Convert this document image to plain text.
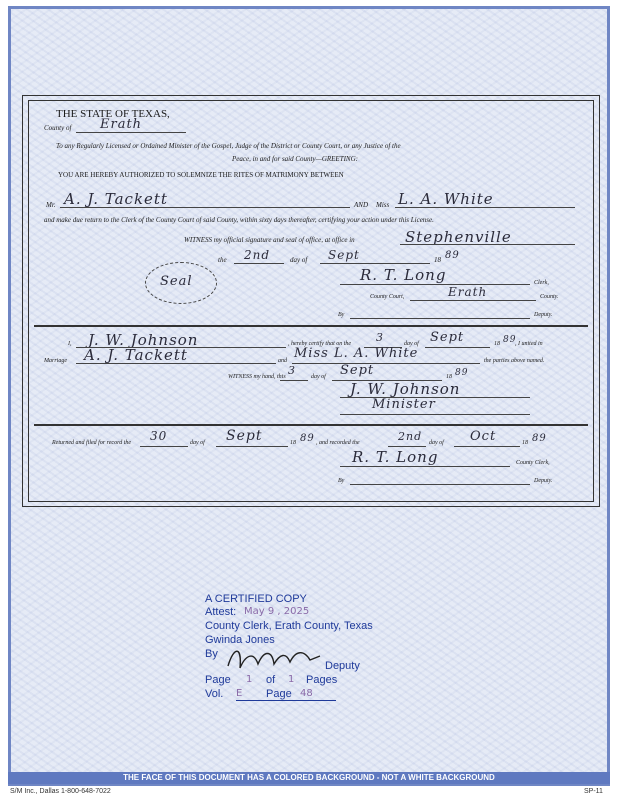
THE STATE OF TEXAS,
County of Erath
To any Regularly Licensed or Ordained Minister of the Gospel, Judge of the District or County Court, or any Justice of the
Peace, in and for said County—GREETING:
YOU ARE HEREBY AUTHORIZED TO SOLEMNIZE THE RITES OF MATRIMONY BETWEEN
Mr. A. J. Tackett	AND Miss L. A. White
and make due return to the Clerk of the County Court of said County, within sixty days thereafter, certifying your action under this License.
WITNESS my official signature and seal of office, at office in	Stephenville
the 2nd	day of Sept	18 89
Seal	R. T. Long	Clerk,
County Court,	Erath	County.
By	Deputy.
I, J. W. Johnson	, hereby certify that on the 3	day of Sept	18 89
, I united in
Marriage A. J. Tackett	and Miss L. A. White	the parties above named.
WITNESS my hand, this 3	day of Sept	18 89
J. W. Johnson
Minister
Returned and filed for record the 30	day of Sept	18 89 , and recorded the	2nd day of Oct	18 89
R. T. Long	County Clerk,
By	Deputy.
A CERTIFIED COPY
Attest: May 9 , 2025
County Clerk, Erath County, Texas
Gwinda Jones
By
Deputy
Page 1 of 1 Pages
Vol. E Page 48
THE FACE OF THIS DOCUMENT HAS A COLORED BACKGROUND - NOT A WHITE BACKGROUND
S/M Inc., Dallas 1-800-648-7022	SP-11
